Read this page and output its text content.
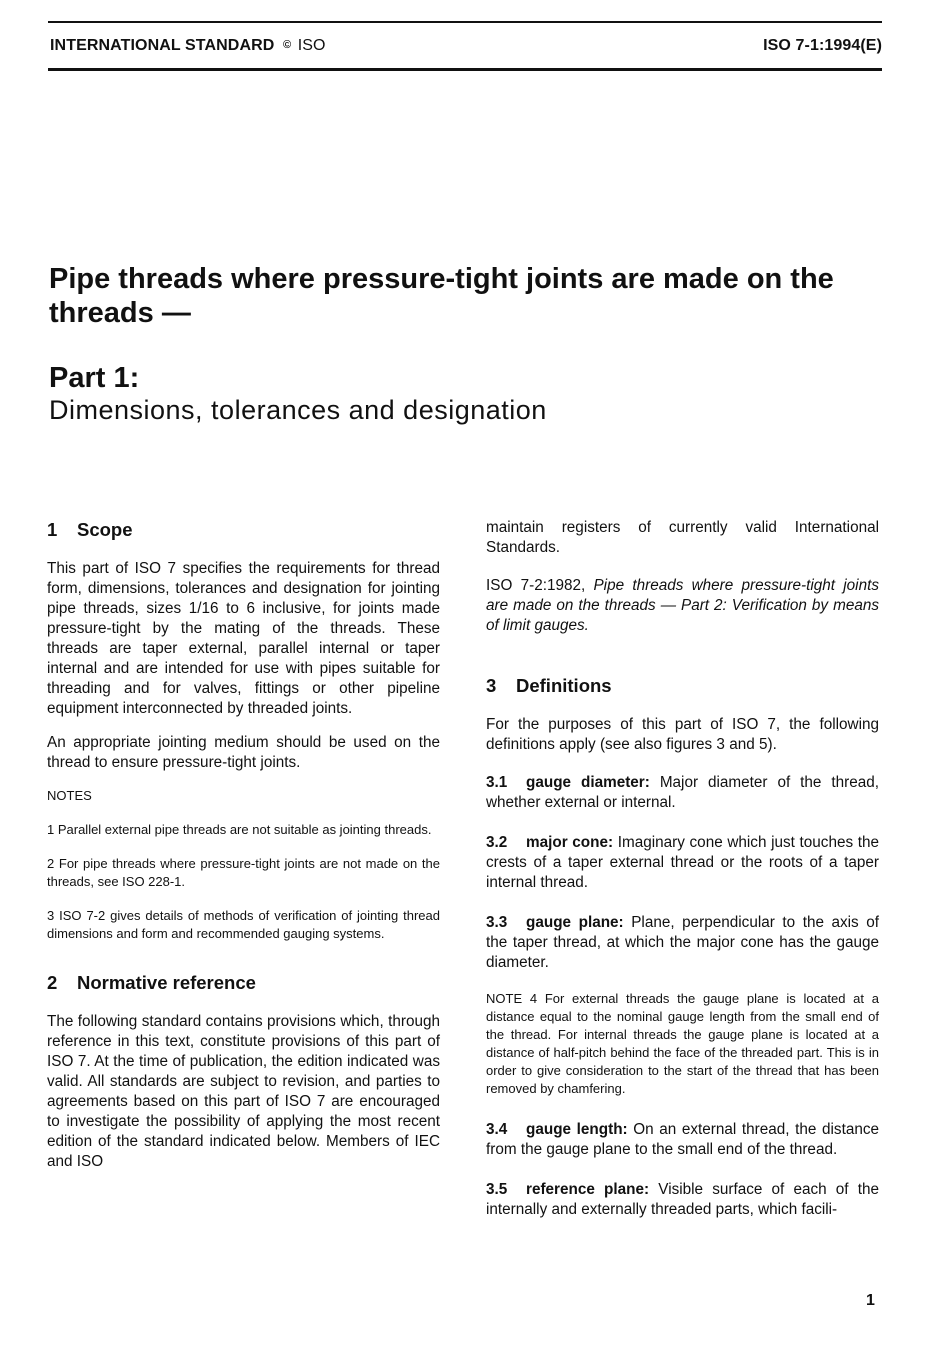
INTERNATIONAL STANDARD © ISO	ISO 7-1:1994(E)
Pipe threads where pressure-tight joints are made on the threads —
Part 1:
Dimensions, tolerances and designation
1 Scope

This part of ISO 7 specifies the requirements for thread form, dimensions, tolerances and designation for jointing pipe threads, sizes 1/16 to 6 inclusive, for joints made pressure-tight by the mating of the threads. These threads are taper external, parallel internal or taper internal and are intended for use with pipes suitable for threading and for valves, fittings or other pipeline equipment interconnected by threaded joints.

An appropriate jointing medium should be used on the thread to ensure pressure-tight joints.

NOTES

1 Parallel external pipe threads are not suitable as jointing threads.

2 For pipe threads where pressure-tight joints are not made on the threads, see ISO 228-1.

3 ISO 7-2 gives details of methods of verification of jointing thread dimensions and form and recommended gauging systems.

2 Normative reference

The following standard contains provisions which, through reference in this text, constitute provisions of this part of ISO 7. At the time of publication, the edition indicated was valid. All standards are subject to revision, and parties to agreements based on this part of ISO 7 are encouraged to investigate the possibility of applying the most recent edition of the standard indicated below. Members of IEC and ISO

maintain registers of currently valid International Standards.

ISO 7-2:1982, Pipe threads where pressure-tight joints are made on the threads — Part 2: Verification by means of limit gauges.

3 Definitions

For the purposes of this part of ISO 7, the following definitions apply (see also figures 3 and 5).

3.1 gauge diameter: Major diameter of the thread, whether external or internal.

3.2 major cone: Imaginary cone which just touches the crests of a taper external thread or the roots of a taper internal thread.

3.3 gauge plane: Plane, perpendicular to the axis of the taper thread, at which the major cone has the gauge diameter.

NOTE 4 For external threads the gauge plane is located at a distance equal to the nominal gauge length from the small end of the thread. For internal threads the gauge plane is located at a distance of half-pitch behind the face of the threaded part. This is in order to give consideration to the start of the thread that has been removed by chamfering.

3.4 gauge length: On an external thread, the distance from the gauge plane to the small end of the thread.

3.5 reference plane: Visible surface of each of the internally and externally threaded parts, which facili-

1
